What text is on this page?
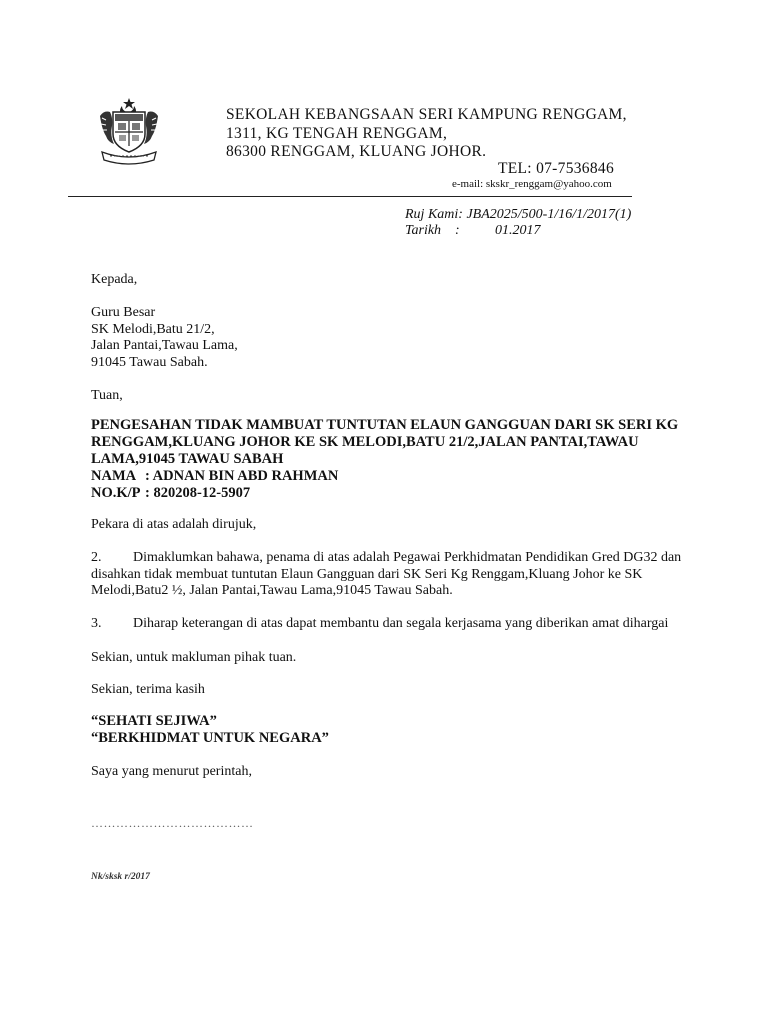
SEKOLAH KEBANGSAAN SERI KAMPUNG RENGGAM,
1311, KG TENGAH RENGGAM,
86300 RENGGAM, KLUANG JOHOR.
TEL: 07-7536846
e-mail: skskr_renggam@yahoo.com
Ruj Kami: JBA2025/500-1/16/1/2017(1)
Tarikh :	01.2017
Kepada,
Guru Besar
SK Melodi,Batu 21/2,
Jalan Pantai,Tawau Lama,
91045 Tawau Sabah.
Tuan,
PENGESAHAN TIDAK MAMBUAT TUNTUTAN ELAUN GANGGUAN DARI SK SERI KG
RENGGAM,KLUANG JOHOR KE SK MELODI,BATU 21/2,JALAN PANTAI,TAWAU
LAMA,91045 TAWAU SABAH
NAMA : ADNAN BIN ABD RAHMAN
NO.K/P : 820208-12-5907
Pekara di atas adalah dirujuk,
2. Dimaklumkan bahawa, penama di atas adalah Pegawai Perkhidmatan Pendidikan Gred DG32 dan
disahkan tidak membuat tuntutan Elaun Gangguan dari SK Seri Kg Renggam,Kluang Johor ke SK
Melodi,Batu2 ½, Jalan Pantai,Tawau Lama,91045 Tawau Sabah.
3. Diharap keterangan di atas dapat membantu dan segala kerjasama yang diberikan amat dihargai
Sekian, untuk makluman pihak tuan.
Sekian, terima kasih
“SEHATI SEJIWA”
“BERKHIDMAT UNTUK NEGARA”
Saya yang menurut perintah,
…………………………………
Nk/sksk r/2017
